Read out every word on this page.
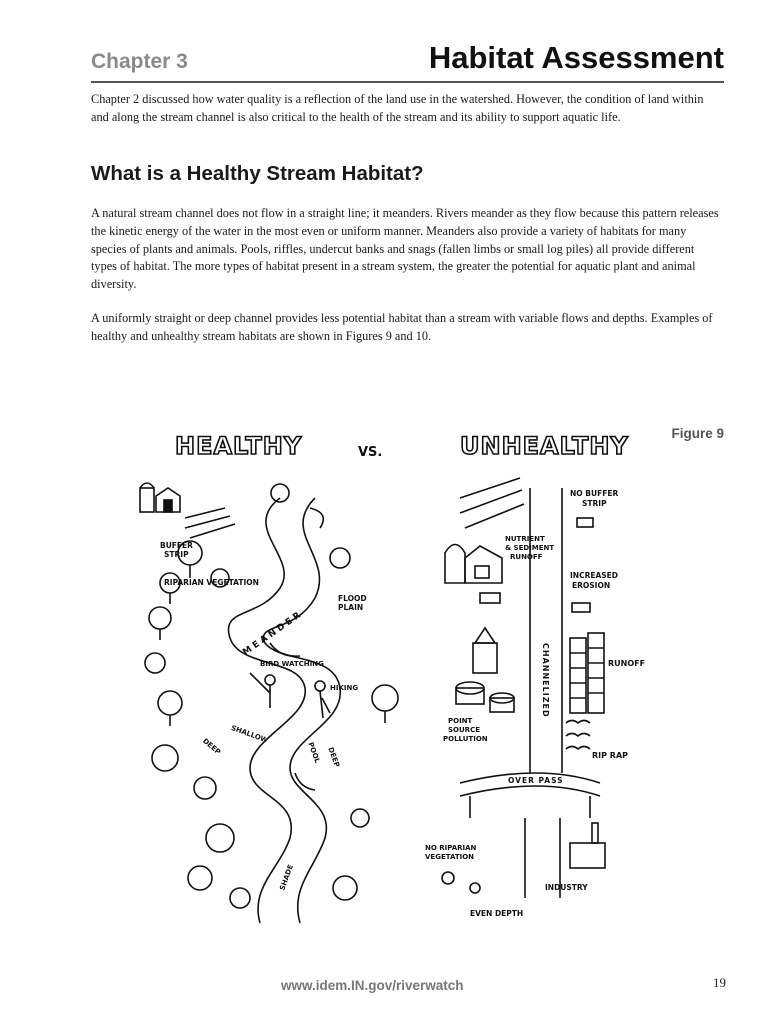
Chapter 3	Habitat Assessment

Chapter 2 discussed how water quality is a reflection of the land use in the watershed. However, the condition of land within and along the stream channel is also critical to the health of the stream and its ability to support aquatic life.

What is a Healthy Stream Habitat?

A natural stream channel does not flow in a straight line; it meanders. Rivers meander as they flow because this pattern releases the kinetic energy of the water in the most even or uniform manner. Meanders also provide a variety of habitats for many species of plants and animals. Pools, riffles, undercut banks and snags (fallen limbs or small log piles) all provide different types of habitat. The more types of habitat present in a stream system, the greater the potential for aquatic plant and animal diversity.

A uniformly straight or deep channel provides less potential habitat than a stream with variable flows and depths. Examples of healthy and unhealthy stream habitats are shown in Figures 9 and 10.

Figure 9

HEALTHY	VS.	UNHEALTHY
BUFFER
STRIP
RIPARIAN VEGETATION
FLOOD
PLAIN
MEANDER
BIRD WATCHING
HIKING
SHALLOW
DEEP	POOL DEEP
SHADE
NO BUFFER
STRIP
NUTRIENT
& SEDIMENT
RUNOFF
INCREASED
EROSION
CHANNELIZED	RUNOFF
POINT
SOURCE
POLLUTION
RIP RAP
OVER PASS
NO RIPARIAN
VEGETATION
INDUSTRY
EVEN DEPTH

www.idem.IN.gov/riverwatch	19
